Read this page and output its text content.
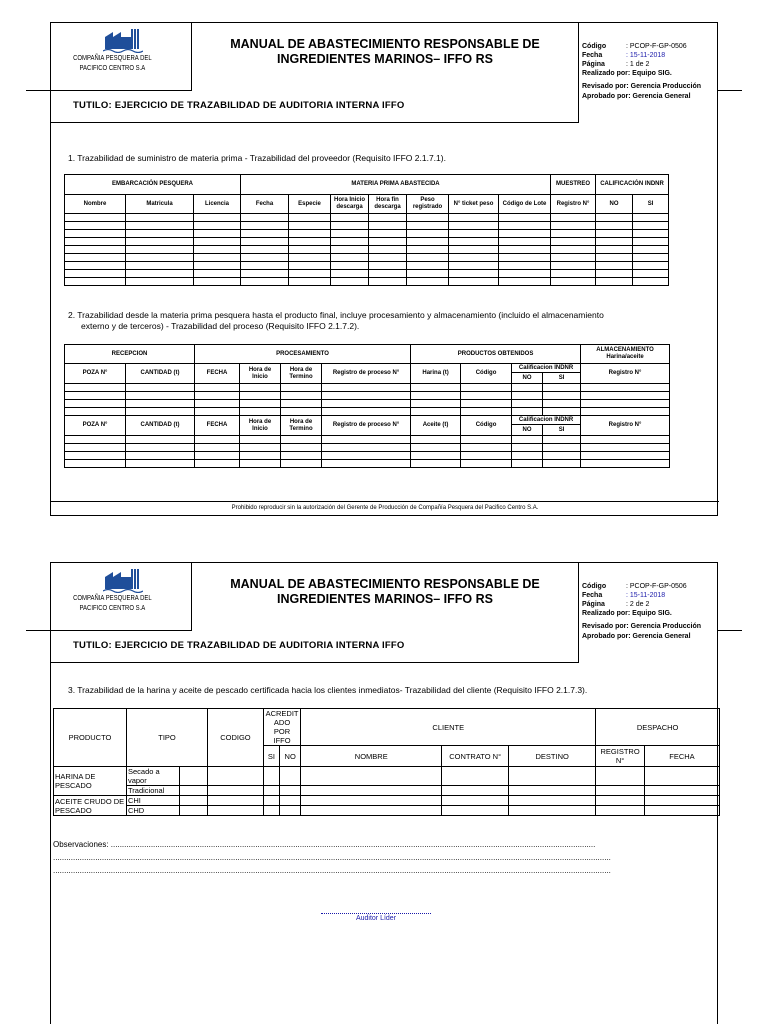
COMPAÑIA PESQUERA DEL
PACIFICO CENTRO S.A
MANUAL DE ABASTECIMIENTO RESPONSABLE DE
INGREDIENTES MARINOS– IFFO RS
Código	: PCOP-F-GP-0506
Fecha	: 15-11-2018
Página	: 1 de 2
Realizado por: Equipo SIG.
Revisado por: Gerencia Producción
Aprobado por: Gerencia General
TUTILO: EJERCICIO DE TRAZABILIDAD DE AUDITORIA INTERNA IFFO
1. Trazabilidad de suministro de materia prima - Trazabilidad del proveedor (Requisito IFFO 2.1.7.1).
EMBARCACIÓN PESQUERA			MATERIA PRIMA ABASTECIDA							MUESTREO	CALIFICACIÓN INDNR	
Nombre	Matricula	Licencia	Fecha	Especie	Hora Inicio descarga	Hora fin descarga	Peso registrado	N° ticket peso	Código de Lote	Registro N°	NO	SI

2. Trazabilidad desde la materia prima pesquera hasta el producto final, incluye procesamiento y almacenamiento (incluido el almacenamiento
externo y de terceros) - Trazabilidad del proceso (Requisito IFFO 2.1.7.2).
RECEPCION		PROCESAMIENTO				PRODUCTOS OBTENIDOS				ALMACENAMIENTO Harina/aceite
POZA N°	CANTIDAD (t)	FECHA	Hora de Inicio	Hora de Termino	Registro de proceso N°	Harina (t)	Código	Calificacion INDNR		Registro N°
								NO	SI	

POZA N°	CANTIDAD (t)	FECHA	Hora de Inicio	Hora de Termino	Registro de proceso N°	Aceite (t)	Código	Calificacion INDNR		Registro N°
								NO	SI	

Prohibido reproducir sin la autorización del Gerente de Producción de Compañía Pesquera del Pacifico Centro S.A.
COMPAÑIA PESQUERA DEL
PACIFICO CENTRO S.A
MANUAL DE ABASTECIMIENTO RESPONSABLE DE
INGREDIENTES MARINOS– IFFO RS
Código	: PCOP-F-GP-0506
Fecha	: 15-11-2018
Página	: 2 de 2
Realizado por: Equipo SIG.
Revisado por: Gerencia Producción
Aprobado por: Gerencia General
TUTILO: EJERCICIO DE TRAZABILIDAD DE AUDITORIA INTERNA IFFO
3. Trazabilidad de la harina y aceite de pescado certificada hacia los clientes inmediatos- Trazabilidad del cliente (Requisito IFFO 2.1.7.3).
PRODUCTO	TIPO		CODIGO	ACREDIT ADO POR IFFO		CLIENTE			DESPACHO	
				SI	NO	NOMBRE	CONTRATO N°	DESTINO	REGISTRO N°	FECHA
HARINA DE PESCADO	Secado a vapor									
	Tradicional									
ACEITE CRUDO DE PESCADO	CHI									
	CHD									
Observaciones: ..........................................................................................................................................................................................................................
...........................................................................................................................................................................................................................................................
...........................................................................................................................................................................................................................................................
Auditor Líder
